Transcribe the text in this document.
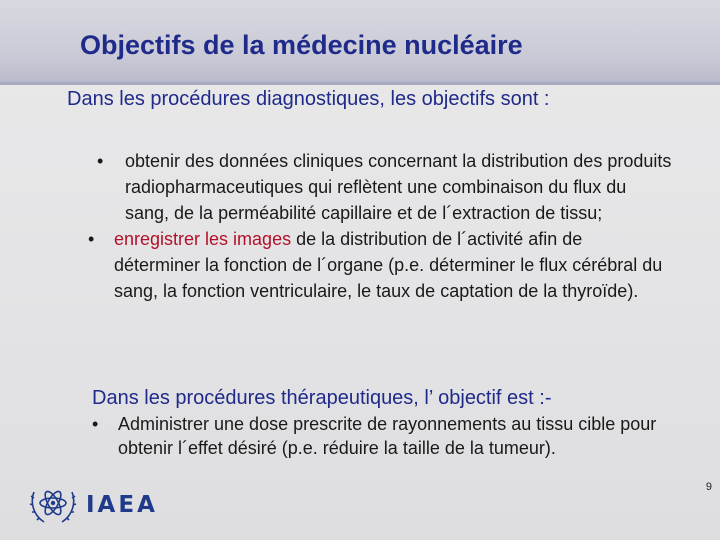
Objectifs de la médecine nucléaire

Dans les procédures diagnostiques, les objectifs sont :

• obtenir des données cliniques concernant la distribution des produits radiopharmaceutiques qui reflètent une combinaison du flux du sang, de la perméabilité capillaire et de l´extraction de tissu;
• enregistrer les images de la distribution de l´activité afin de déterminer la fonction de l´organe (p.e. déterminer le flux cérébral du sang, la fonction ventriculaire, le taux de captation de la thyroïde).

Dans les procédures thérapeutiques, l’ objectif est :-

• Administrer une dose prescrite de rayonnements au tissu cible pour obtenir l´effet désiré (p.e. réduire la taille de la tumeur).
IAEA
9
